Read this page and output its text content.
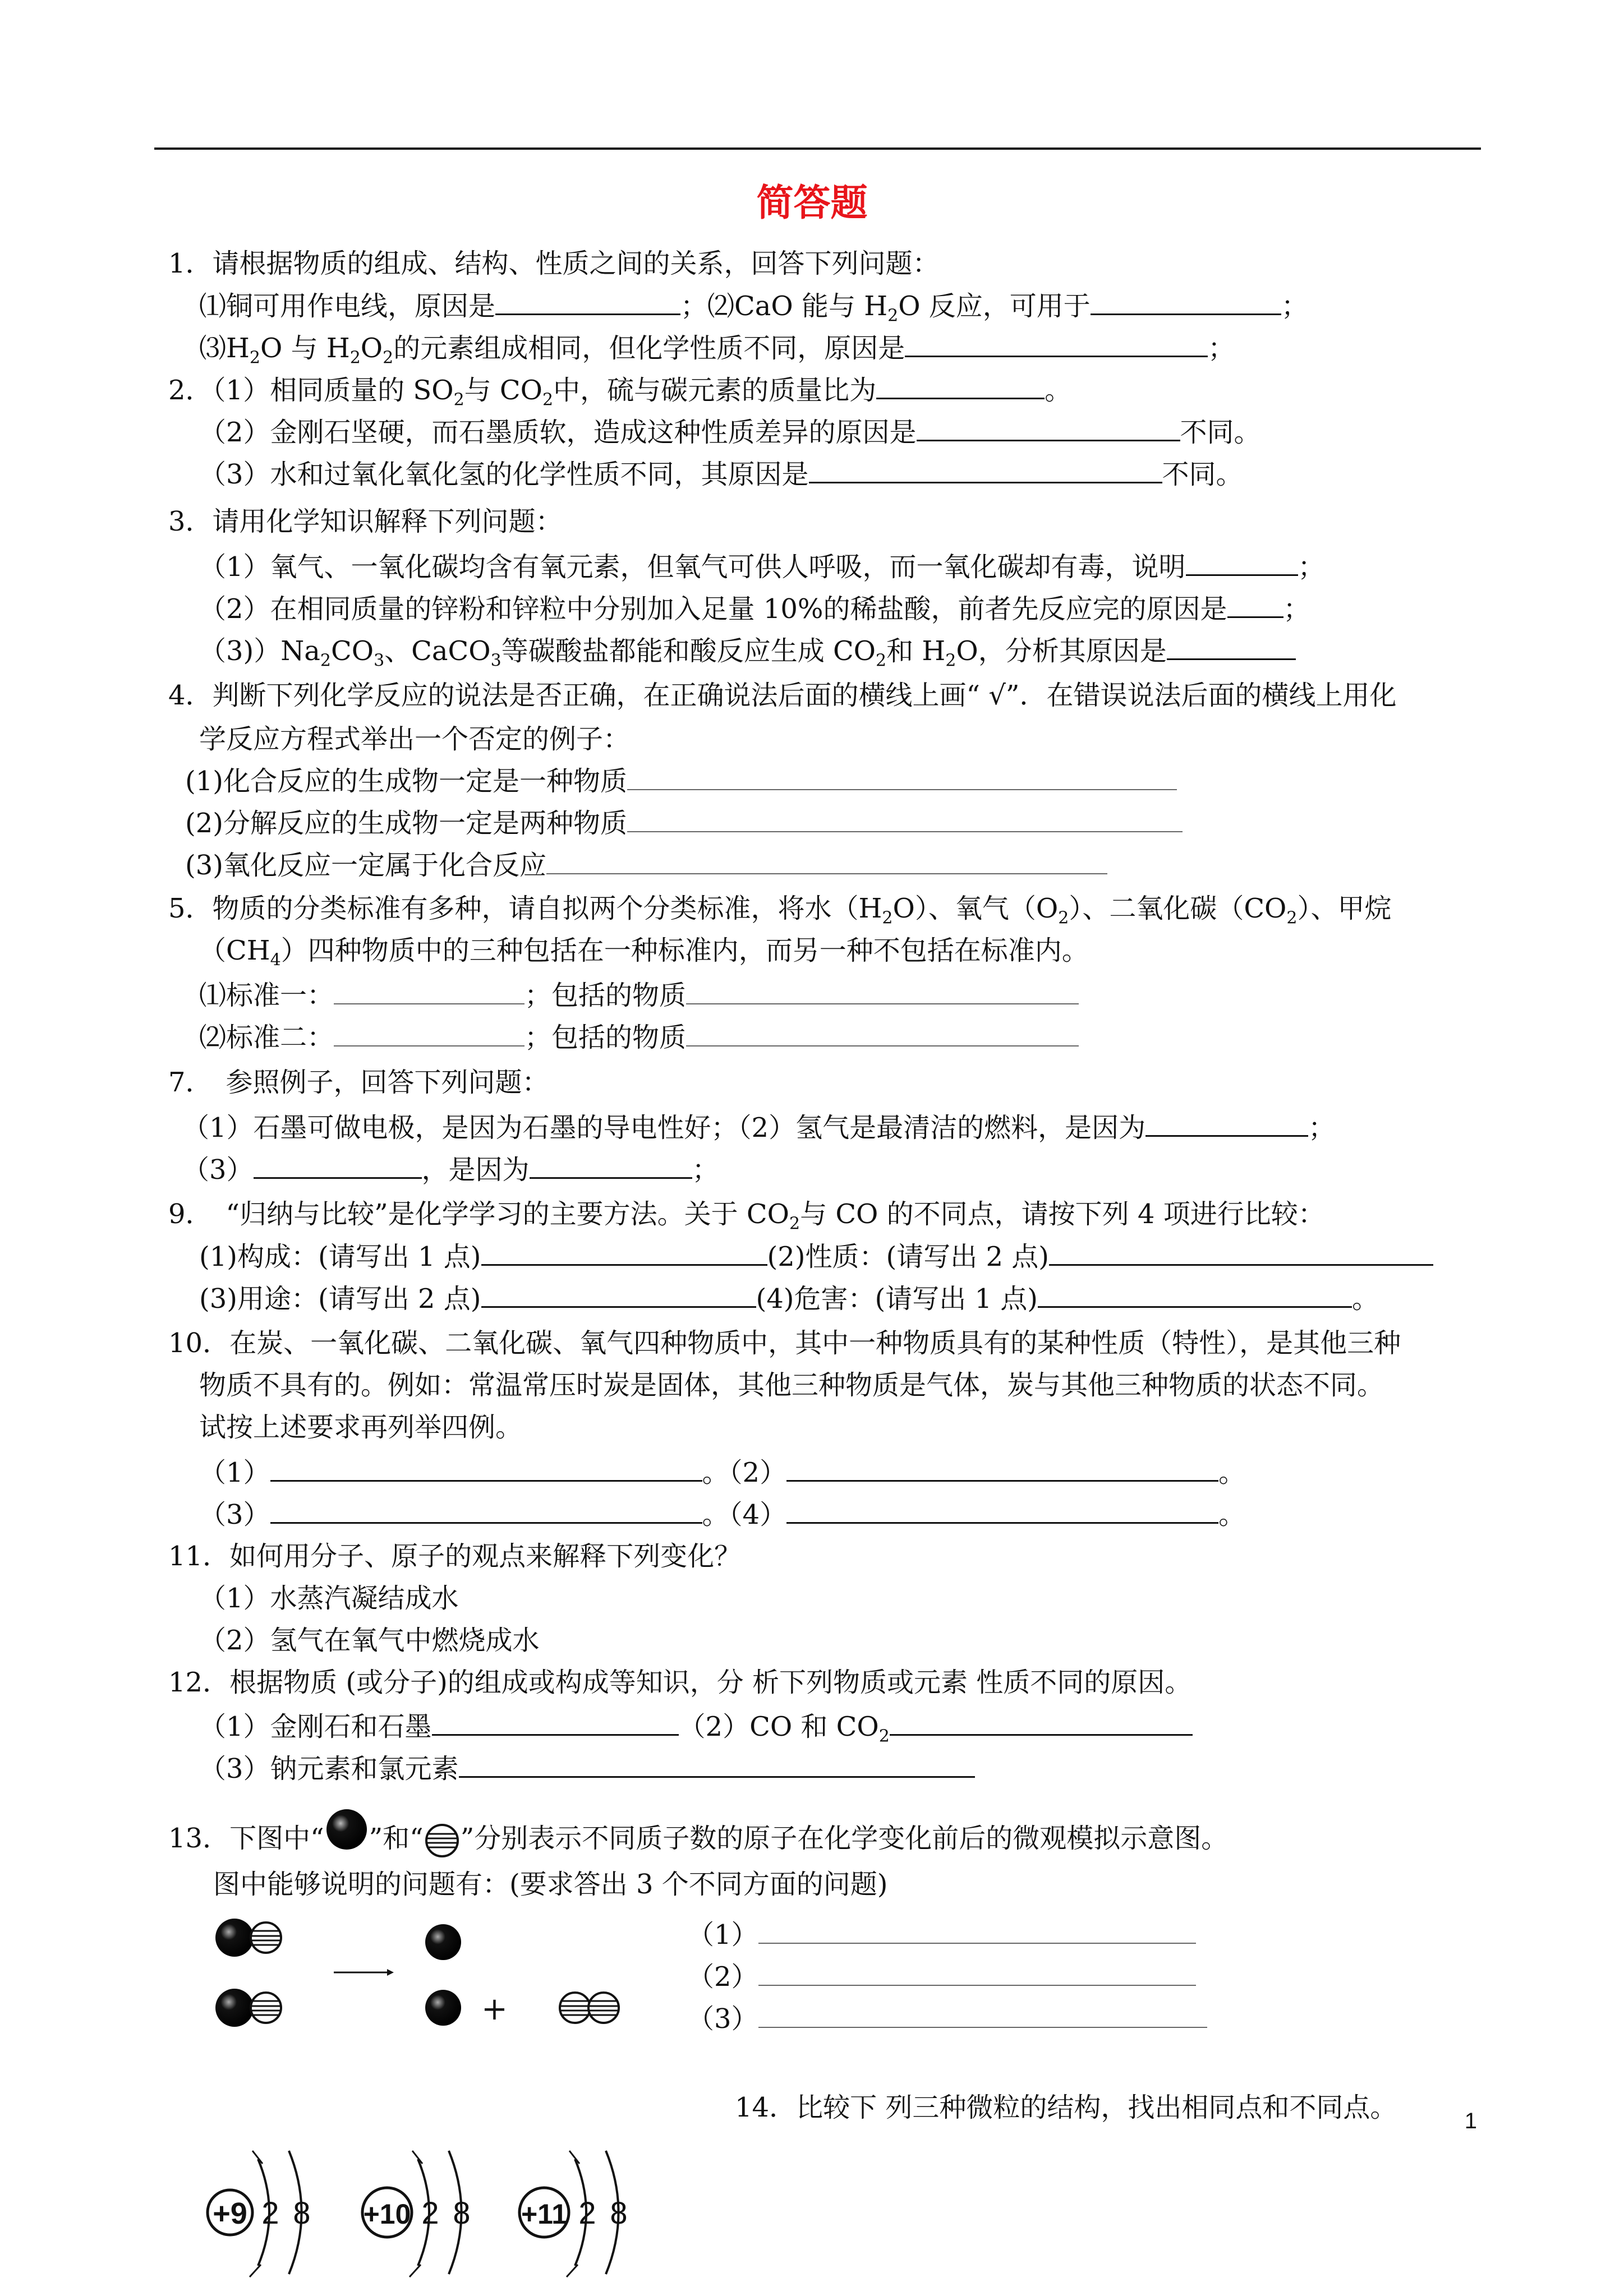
简答题
1．请根据物质的组成、结构、性质之间的关系，回答下列问题：
⑴铜可用作电线，原因是	；⑵CaO 能与 $H_2O$ 反应，可用于	；
$⑶H_2O$ 与 $H_2O_2$的元素组成相同，但化学性质不同，原因是	；
2．（1）相同质量的 $SO_2$与 $CO_2$中，硫与碳元素的质量比为	。
（2）金刚石坚硬，而石墨质软，造成这种性质差异的原因是	不同。
（3）水和过氧化氧化氢的化学性质不同，其原因是	不同。
3．请用化学知识解释下列问题：
（1）氧气、一氧化碳均含有氧元素，但氧气可供人呼吸，而一氧化碳却有毒，说明	；
（2）在相同质量的锌粉和锌粒中分别加入足量 10%的稀盐酸，前者先反应完的原因是 ；
$(3))Na_2CO_3$、CaCO$_3$等碳酸盐都能和酸反应生成 $CO_2$和 $H_2O$，分析其原因是
4．判断下列化学反应的说法是否正确，在正确说法后面的横线上画“ √”．在错误说法后面的横线上用化
学反应方程式举出一个否定的例子：
(1)化合反应的生成物一定是一种物质
(2)分解反应的生成物一定是两种物质
(3)氧化反应一定属于化合反应
5．物质的分类标准有多种，请自拟两个分类标准，将水$(H_2O)$、氧气$(O_2)$、二氧化碳$(CO_2)$、甲烷
$(CH_4)$四种物质中的三种包括在一种标准内，而另一种不包括在标准内。
⑴标准一：	；包括的物质
⑵标准二：	；包括的物质
7．　参照例子，回答下列问题：
（1）石墨可做电极，是因为石墨的导电性好；（2）氢气是最清洁的燃料，是因为	；
（3）	，是因为	；
9．　“归纳与比较”是化学学习的主要方法。关于 $CO_2$与 CO 的不同点，请按下列 4 项进行比较：
(1)构成：(请写出 1 点)	(2)性质：(请写出 2 点)
(3)用途：(请写出 2 点)	(4)危害：(请写出 1 点)	。
10．在炭、一氧化碳、二氧化碳、氧气四种物质中，其中一种物质具有的某种性质（特性），是其他三种
物质不具有的。例如：常温常压时炭是固体，其他三种物质是气体，炭与其他三种物质的状态不同。
试按上述要求再列举四例。
（1）	。（2）	。
（3）	。（4）	。
11．如何用分子、原子的观点来解释下列变化？
（1）水蒸汽凝结成水
（2）氢气在氧气中燃烧成水
12．根据物质 (或分子)的组成或构成等知识，分 析下列物质或元素 性质不同的原因。
（1）金刚石和石墨	（2）CO 和 $CO_2$
（3）钠元素和氯元素
13．下图中“ ”和“ ”分别表示不同质子数的原子在化学变化前后的微观模拟示意图。
图中能够说明的问题有：(要求答出 3 个不同方面的问题)
+
（1）
（2）
（3）
14．比较下 列三种微粒的结构，找出相同点和不同点。
+9 2 8 +10 2 8 +11 2 8
1
